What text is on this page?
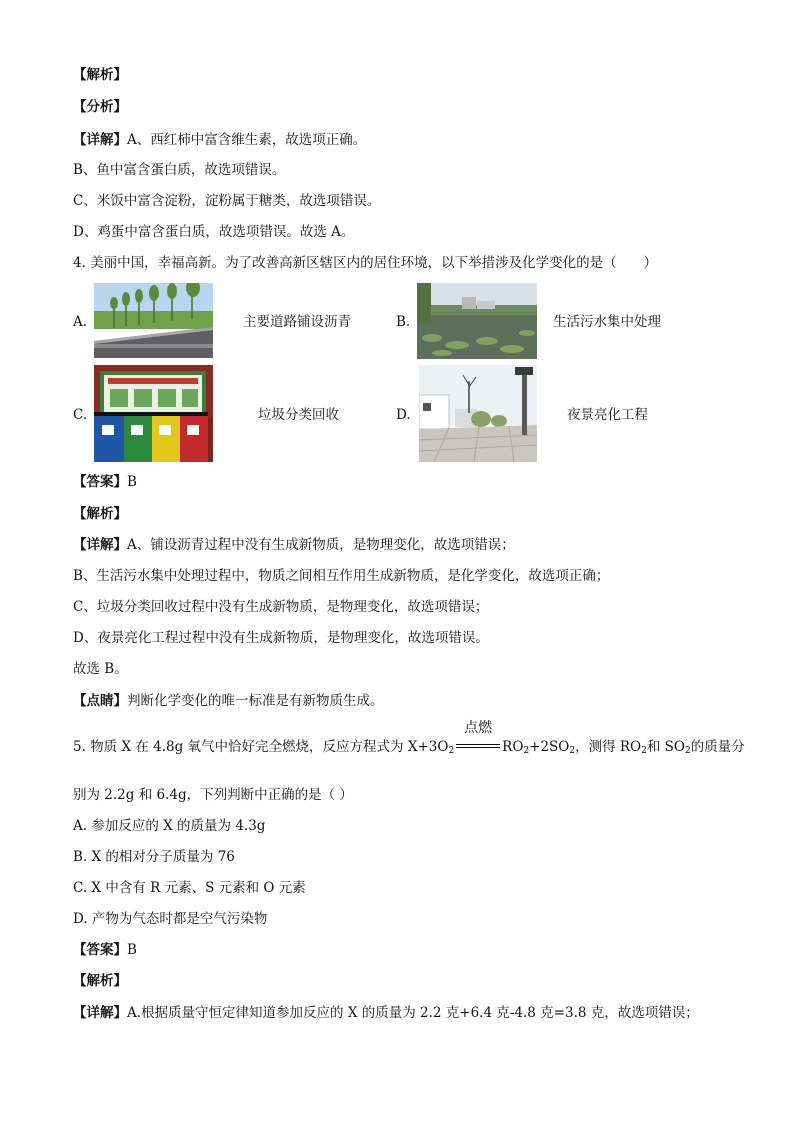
【解析】
【分析】
【详解】A、西红柿中富含维生素，故选项正确。
B、鱼中富含蛋白质，故选项错误。
C、米饭中富含淀粉，淀粉属于糖类，故选项错误。
D、鸡蛋中富含蛋白质，故选项错误。故选 A。
4. 美丽中国，幸福高新。为了改善高新区辖区内的居住环境，以下举措涉及化学变化的是（　　）
A.	主要道路铺设沥青	B.	生活污水集中处理
C.	垃圾分类回收	D.	夜景亮化工程
【答案】B
【解析】
【详解】A、铺设沥青过程中没有生成新物质，是物理变化，故选项错误；
B、生活污水集中处理过程中，物质之间相互作用生成新物质，是化学变化，故选项正确；
C、垃圾分类回收过程中没有生成新物质，是物理变化，故选项错误；
D、夜景亮化工程过程中没有生成新物质，是物理变化，故选项错误。
故选 B。
【点睛】判断化学变化的唯一标准是有新物质生成。
5. 物质 X 在 4.8g 氧气中恰好完全燃烧，反应方程式为 $X+3O_2$
点燃
$RO_2+2SO_2$，测得 $RO_2$和 $SO_2$的质量分
别为 2.2g 和 6.4g，下列判断中正确的是（ ）
A. 参加反应的 X 的质量为 4.3g
B. X 的相对分子质量为 76
C. X 中含有 R 元素、S 元素和 O 元素
D. 产物为气态时都是空气污染物
【答案】B
【解析】
【详解】A.根据质量守恒定律知道参加反应的 X 的质量为 2.2 克+6.4 克-4.8 克=3.8 克，故选项错误；
